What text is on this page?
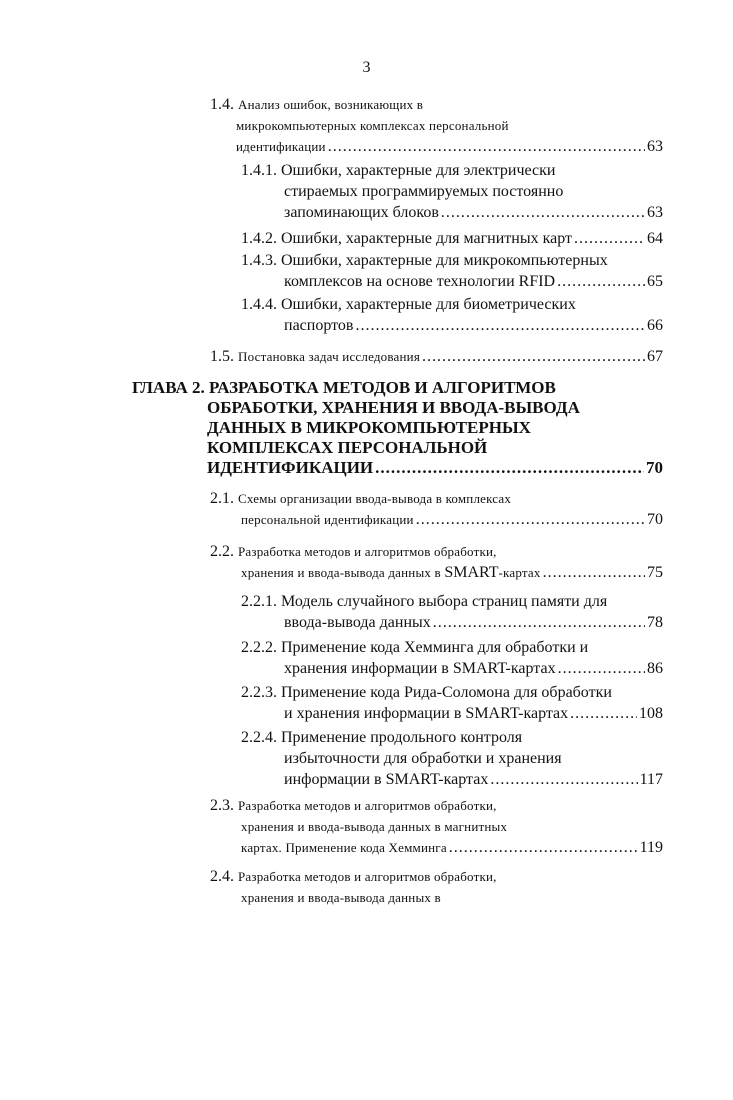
3
1.4. Анализ ошибок, возникающих в
микрокомпьютерных комплексах персональной
идентификации .....	63
1.4.1. Ошибки, характерные для электрически
стираемых программируемых постоянно
запоминающих блоков .....	63
1.4.2. Ошибки, характерные для магнитных карт .....	64
1.4.3. Ошибки, характерные для микрокомпьютерных
комплексов на основе технологии RFID .....	65
1.4.4. Ошибки, характерные для биометрических
паспортов .....	66
1.5. Постановка задач исследования .....	67
ГЛАВА 2. РАЗРАБОТКА МЕТОДОВ И АЛГОРИТМОВ
ОБРАБОТКИ, ХРАНЕНИЯ И ВВОДА-ВЫВОДА
ДАННЫХ В МИКРОКОМПЬЮТЕРНЫХ
КОМПЛЕКСАХ ПЕРСОНАЛЬНОЙ
ИДЕНТИФИКАЦИИ .....	70
2.1. Схемы организации ввода-вывода в комплексах
персональной идентификации .....	70
2.2. Разработка методов и алгоритмов обработки,
хранения и ввода-вывода данных в SMART-картах .....	75
2.2.1. Модель случайного выбора страниц памяти для
ввода-вывода данных .....	78
2.2.2. Применение кода Хемминга для обработки и
хранения информации в SMART-картах .....	86
2.2.3. Применение кода Рида-Соломона для обработки
и хранения информации в SMART-картах .....	108
2.2.4. Применение продольного контроля
избыточности для обработки и хранения
информации в SMART-картах .....	117
2.3. Разработка методов и алгоритмов обработки,
хранения и ввода-вывода данных в магнитных
картах. Применение кода Хемминга .....	119
2.4. Разработка методов и алгоритмов обработки,
хранения и ввода-вывода данных в
